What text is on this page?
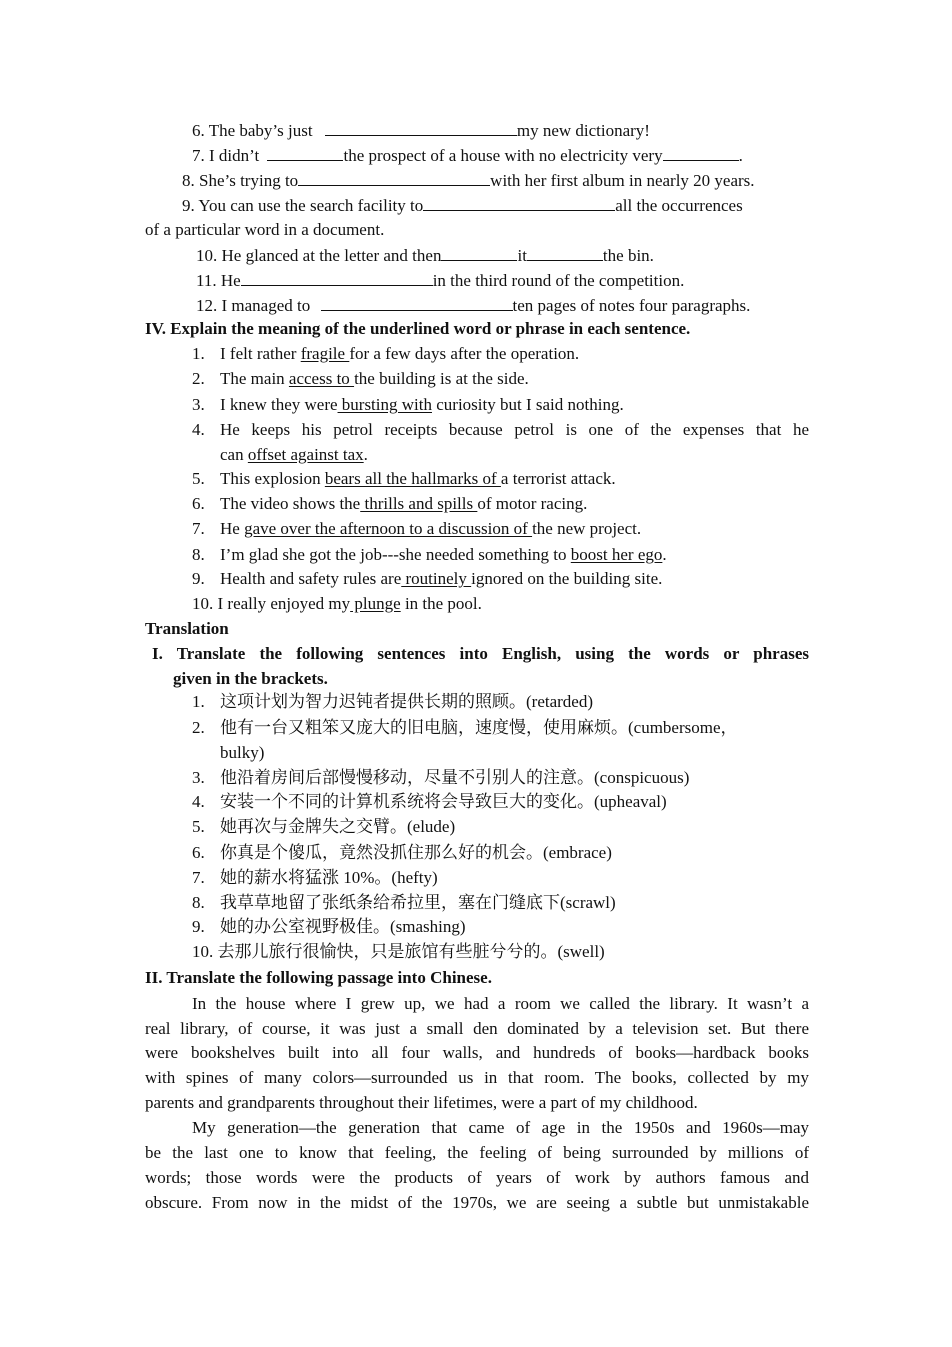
6. The baby’s just	my new dictionary!
7. I didn’t	the prospect of a house with no electricity very	.
8. She’s trying to	with her first album in nearly 20 years.
9. You can use the search facility to	all the occurrences
of a particular word in a document.
10. He glanced at the letter and then	it	the bin.
11. He	in the third round of the competition.
12. I managed to	ten pages of notes four paragraphs.
IV. Explain the meaning of the underlined word or phrase in each sentence.
1. I felt rather fragile for a few days after the operation.
2. The main access to the building is at the side.
3. I knew they were bursting with curiosity but I said nothing.
4. He keeps his petrol receipts because petrol is one of the expenses that he
can offset against tax.
5. This explosion bears all the hallmarks of a terrorist attack.
6. The video shows the thrills and spills of motor racing.
7. He gave over the afternoon to a discussion of the new project.
8. I’m glad she got the job---she needed something to boost her ego.
9. Health and safety rules are routinely ignored on the building site.
10. I really enjoyed my plunge in the pool.
Translation
I. Translate the following sentences into English, using the words or phrases
given in the brackets.
1. 这项计划为智力迟钝者提供长期的照顾。(retarded)
2. 他有一台又粗笨又庞大的旧电脑，速度慢，使用麻烦。(cumbersome，
bulky)
3. 他沿着房间后部慢慢移动，尽量不引别人的注意。(conspicuous)
4. 安装一个不同的计算机系统将会导致巨大的变化。(upheaval)
5. 她再次与金牌失之交臂。(elude)
6. 你真是个傻瓜，竟然没抓住那么好的机会。(embrace)
7. 她的薪水将猛涨 10%。(hefty)
8. 我草草地留了张纸条给希拉里，塞在门缝底下(scrawl)
9. 她的办公室视野极佳。(smashing)
10. 去那儿旅行很愉快，只是旅馆有些脏兮兮的。(swell)
II. Translate the following passage into Chinese.
In the house where I grew up, we had a room we called the library. It wasn’t a
real library, of course, it was just a small den dominated by a television set. But there
were bookshelves built into all four walls, and hundreds of books—hardback books
with spines of many colors—surrounded us in that room. The books, collected by my
parents and grandparents throughout their lifetimes, were a part of my childhood.
My generation—the generation that came of age in the 1950s and 1960s—may
be the last one to know that feeling, the feeling of being surrounded by millions of
words; those words were the products of years of work by authors famous and
obscure. From now in the midst of the 1970s, we are seeing a subtle but unmistakable
